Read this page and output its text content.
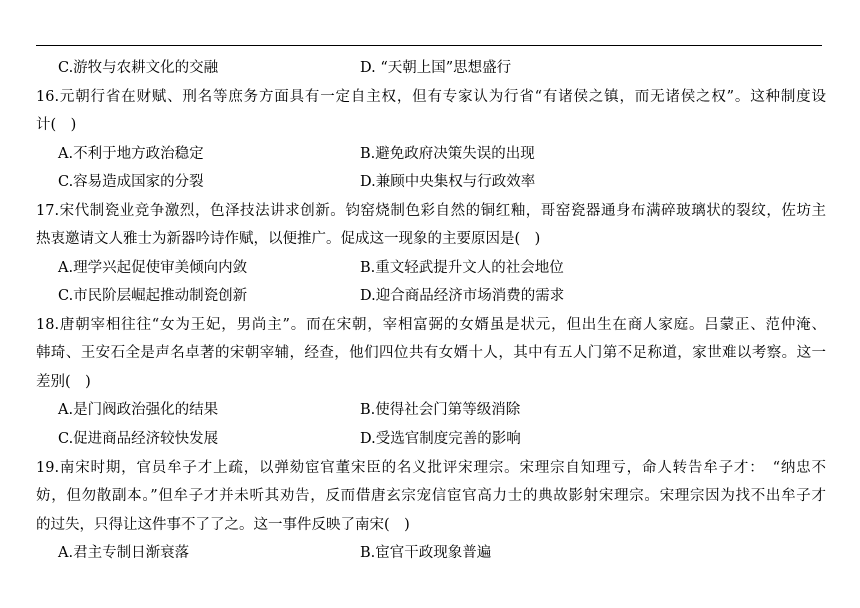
C.游牧与农耕文化的交融	D. “天朝上国”思想盛行
16.元朝行省在财赋、刑名等庶务方面具有一定自主权，但有专家认为行省“有诸侯之镇，而无诸侯之权”。这种制度设
计(　)
A.不利于地方政治稳定	B.避免政府决策失误的出现
C.容易造成国家的分裂	D.兼顾中央集权与行政效率
17.宋代制瓷业竞争激烈，色泽技法讲求创新。钧窑烧制色彩自然的铜红釉，哥窑瓷器通身布满碎玻璃状的裂纹，佐坊主
热衷邀请文人雅士为新器吟诗作赋，以便推广。促成这一现象的主要原因是(　)
A.理学兴起促使审美倾向内敛	B.重文轻武提升文人的社会地位
C.市民阶层崛起推动制瓷创新	D.迎合商品经济市场消费的需求
18.唐朝宰相往往“女为王妃，男尚主”。而在宋朝，宰相富弼的女婿虽是状元，但出生在商人家庭。吕蒙正、范仲淹、
韩琦、王安石全是声名卓著的宋朝宰辅，经查，他们四位共有女婿十人，其中有五人门第不足称道，家世难以考察。这一
差别(　)
A.是门阀政治强化的结果	B.使得社会门第等级消除
C.促进商品经济较快发展	D.受选官制度完善的影响
19.南宋时期，官员牟子才上疏，以弹劾宦官董宋臣的名义批评宋理宗。宋理宗自知理亏，命人转告牟子才：　“纳忠不
妨，但勿散副本。”但牟子才并未听其劝告，反而借唐玄宗宠信宦官高力士的典故影射宋理宗。宋理宗因为找不出牟子才
的过失，只得让这件事不了了之。这一事件反映了南宋(　)
A.君主专制日渐衰落	B.宦官干政现象普遍
